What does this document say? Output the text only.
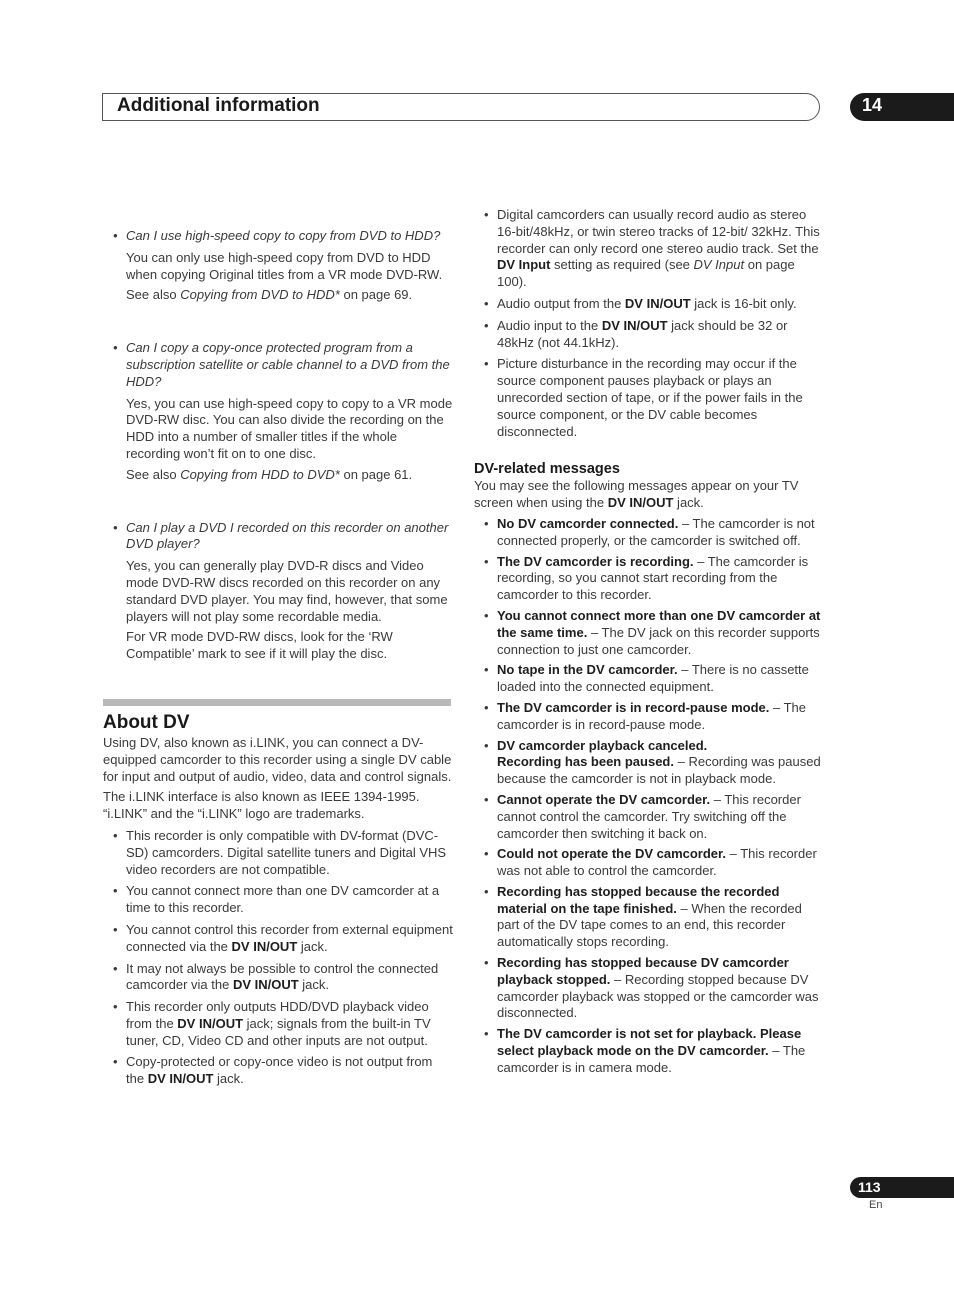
Additional information	14

• Can I use high-speed copy to copy from DVD to HDD?

You can only use high-speed copy from DVD to HDD when copying Original titles from a VR mode DVD-RW.

See also Copying from DVD to HDD* on page 69.

• Can I copy a copy-once protected program from a subscription satellite or cable channel to a DVD from the HDD?

Yes, you can use high-speed copy to copy to a VR mode DVD-RW disc. You can also divide the recording on the HDD into a number of smaller titles if the whole recording won’t fit on to one disc.

See also Copying from HDD to DVD* on page 61.

• Can I play a DVD I recorded on this recorder on another DVD player?

Yes, you can generally play DVD-R discs and Video mode DVD-RW discs recorded on this recorder on any standard DVD player. You may find, however, that some players will not play some recordable media.

For VR mode DVD-RW discs, look for the ‘RW Compatible’ mark to see if it will play the disc.

About DV

Using DV, also known as i.LINK, you can connect a DV-equipped camcorder to this recorder using a single DV cable for input and output of audio, video, data and control signals.

The i.LINK interface is also known as IEEE 1394-1995. “i.LINK” and the “i.LINK” logo are trademarks.

• This recorder is only compatible with DV-format (DVC-SD) camcorders. Digital satellite tuners and Digital VHS video recorders are not compatible.

• You cannot connect more than one DV camcorder at a time to this recorder.

• You cannot control this recorder from external equipment connected via the DV IN/OUT jack.

• It may not always be possible to control the connected camcorder via the DV IN/OUT jack.

• This recorder only outputs HDD/DVD playback video from the DV IN/OUT jack; signals from the built-in TV tuner, CD, Video CD and other inputs are not output.

• Copy-protected or copy-once video is not output from the DV IN/OUT jack.

• Digital camcorders can usually record audio as stereo 16-bit/48kHz, or twin stereo tracks of 12-bit/ 32kHz. This recorder can only record one stereo audio track. Set the DV Input setting as required (see DV Input on page 100).

• Audio output from the DV IN/OUT jack is 16-bit only.

• Audio input to the DV IN/OUT jack should be 32 or 48kHz (not 44.1kHz).

• Picture disturbance in the recording may occur if the source component pauses playback or plays an unrecorded section of tape, or if the power fails in the source component, or the DV cable becomes disconnected.

DV-related messages

You may see the following messages appear on your TV screen when using the DV IN/OUT jack.

• No DV camcorder connected. – The camcorder is not connected properly, or the camcorder is switched off.

• The DV camcorder is recording. – The camcorder is recording, so you cannot start recording from the camcorder to this recorder.

• You cannot connect more than one DV camcorder at the same time. – The DV jack on this recorder supports connection to just one camcorder.

• No tape in the DV camcorder. – There is no cassette loaded into the connected equipment.

• The DV camcorder is in record-pause mode. – The camcorder is in record-pause mode.

• DV camcorder playback canceled.
Recording has been paused. – Recording was paused because the camcorder is not in playback mode.

• Cannot operate the DV camcorder. – This recorder cannot control the camcorder. Try switching off the camcorder then switching it back on.

• Could not operate the DV camcorder. – This recorder was not able to control the camcorder.

• Recording has stopped because the recorded material on the tape finished. – When the recorded part of the DV tape comes to an end, this recorder automatically stops recording.

• Recording has stopped because DV camcorder playback stopped. – Recording stopped because DV camcorder playback was stopped or the camcorder was disconnected.

• The DV camcorder is not set for playback. Please select playback mode on the DV camcorder. – The camcorder is in camera mode.

113
En
